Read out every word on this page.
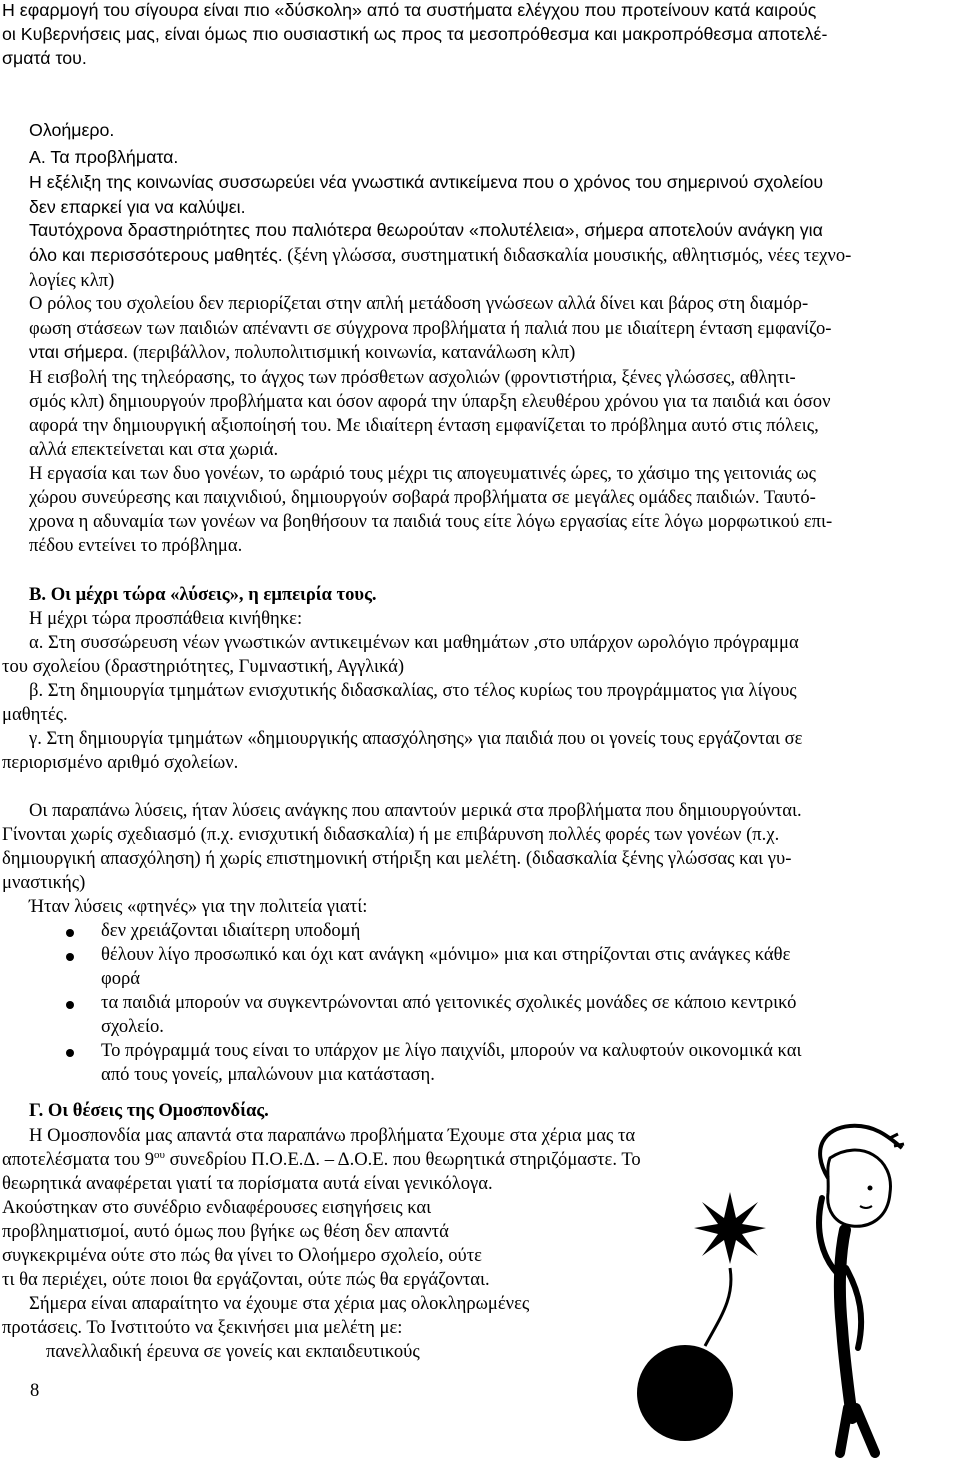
Η εφαρμογή του σίγουρα είναι πιο «δύσκολη» από τα συστήματα ελέγχου που προτείνουν κατά καιρούς
οι Κυβερνήσεις μας, είναι όμως πιο ουσιαστική ως προς τα μεσοπρόθεσμα και μακροπρόθεσμα αποτελέ-
σματά του.
Ολοήμερο.
Α. Τα προβλήματα.
Η εξέλιξη της κοινωνίας συσσωρεύει νέα γνωστικά αντικείμενα που ο χρόνος του σημερινού σχολείου
δεν επαρκεί για να καλύψει.
Ταυτόχρονα δραστηριότητες που παλιότερα θεωρούταν «πολυτέλεια», σήμερα αποτελούν ανάγκη για
όλο και περισσότερους μαθητές. (ξένη γλώσσα, συστηματική διδασκαλία μουσικής, αθλητισμός, νέες τεχνο-
λογίες κλπ)
Ο ρόλος του σχολείου δεν περιορίζεται στην απλή μετάδοση γνώσεων αλλά δίνει και βάρος στη διαμόρ-
φωση στάσεων των παιδιών απέναντι σε σύγχρονα προβλήματα ή παλιά που με ιδιαίτερη ένταση εμφανίζο-
νται σήμερα. (περιβάλλον, πολυπολιτισμική κοινωνία, κατανάλωση κλπ)
Η εισβολή της τηλεόρασης, το άγχος των πρόσθετων ασχολιών (φροντιστήρια, ξένες γλώσσες, αθλητι-
σμός κλπ) δημιουργούν προβλήματα και όσον αφορά την ύπαρξη ελευθέρου χρόνου για τα παιδιά και όσον
αφορά την δημιουργική αξιοποίησή του. Με ιδιαίτερη ένταση εμφανίζεται το πρόβλημα αυτό στις πόλεις,
αλλά επεκτείνεται και στα χωριά.
Η εργασία και των δυο γονέων, το ωράριό τους μέχρι τις απογευματινές ώρες, το χάσιμο της γειτονιάς ως
χώρου συνεύρεσης και παιχνιδιού, δημιουργούν σοβαρά προβλήματα σε μεγάλες ομάδες παιδιών. Ταυτό-
χρονα η αδυναμία των γονέων να βοηθήσουν τα παιδιά τους είτε λόγω εργασίας είτε λόγω μορφωτικού επι-
πέδου εντείνει το πρόβλημα.
Β. Οι μέχρι τώρα «λύσεις», η εμπειρία τους.
Η μέχρι τώρα προσπάθεια κινήθηκε:
α. Στη συσσώρευση νέων γνωστικών αντικειμένων και μαθημάτων ,στο υπάρχον ωρολόγιο πρόγραμμα
του σχολείου (δραστηριότητες, Γυμναστική, Αγγλικά)
β. Στη δημιουργία τμημάτων ενισχυτικής διδασκαλίας, στο τέλος κυρίως του προγράμματος για λίγους
μαθητές.
γ. Στη δημιουργία τμημάτων «δημιουργικής απασχόλησης» για παιδιά που οι γονείς τους εργάζονται σε
περιορισμένο αριθμό σχολείων.
Οι παραπάνω λύσεις, ήταν λύσεις ανάγκης που απαντούν μερικά στα προβλήματα που δημιουργούνται.
Γίνονται χωρίς σχεδιασμό (π.χ. ενισχυτική διδασκαλία) ή με επιβάρυνση πολλές φορές των γονέων (π.χ.
δημιουργική απασχόληση) ή χωρίς επιστημονική στήριξη και μελέτη. (διδασκαλία ξένης γλώσσας και γυ-
μναστικής)
Ήταν λύσεις «φτηνές» για την πολιτεία γιατί:
δεν χρειάζονται ιδιαίτερη υποδομή
θέλουν λίγο προσωπικό και όχι κατ ανάγκη «μόνιμο» μια και στηρίζονται στις ανάγκες κάθε
φορά
τα παιδιά μπορούν να συγκεντρώνονται από γειτονικές σχολικές μονάδες σε κάποιο κεντρικό
σχολείο.
Το πρόγραμμά τους είναι το υπάρχον με λίγο παιχνίδι, μπορούν να καλυφτούν οικονομικά και
από τους γονείς, μπαλώνουν μια κατάσταση.
Γ. Οι θέσεις της Ομοσπονδίας.
Η Ομοσπονδία μας απαντά στα παραπάνω προβλήματα Έχουμε στα χέρια μας τα
αποτελέσματα του $9^{o\upsilon}$ συνεδρίου Π.Ο.Ε.Δ. – Δ.Ο.Ε. που θεωρητικά στηριζόμαστε. Το
θεωρητικά αναφέρεται γιατί τα πορίσματα αυτά είναι γενικόλογα.
Ακούστηκαν στο συνέδριο ενδιαφέρουσες εισηγήσεις και
προβληματισμοί, αυτό όμως που βγήκε ως θέση δεν απαντά
συγκεκριμένα ούτε στο πώς θα γίνει το Ολοήμερο σχολείο, ούτε
τι θα περιέχει, ούτε ποιοι θα εργάζονται, ούτε πώς θα εργάζονται.
Σήμερα είναι απαραίτητο να έχουμε στα χέρια μας ολοκληρωμένες
προτάσεις. Το Ινστιτούτο να ξεκινήσει μια μελέτη με:
πανελλαδική έρευνα σε γονείς και εκπαιδευτικούς
8
